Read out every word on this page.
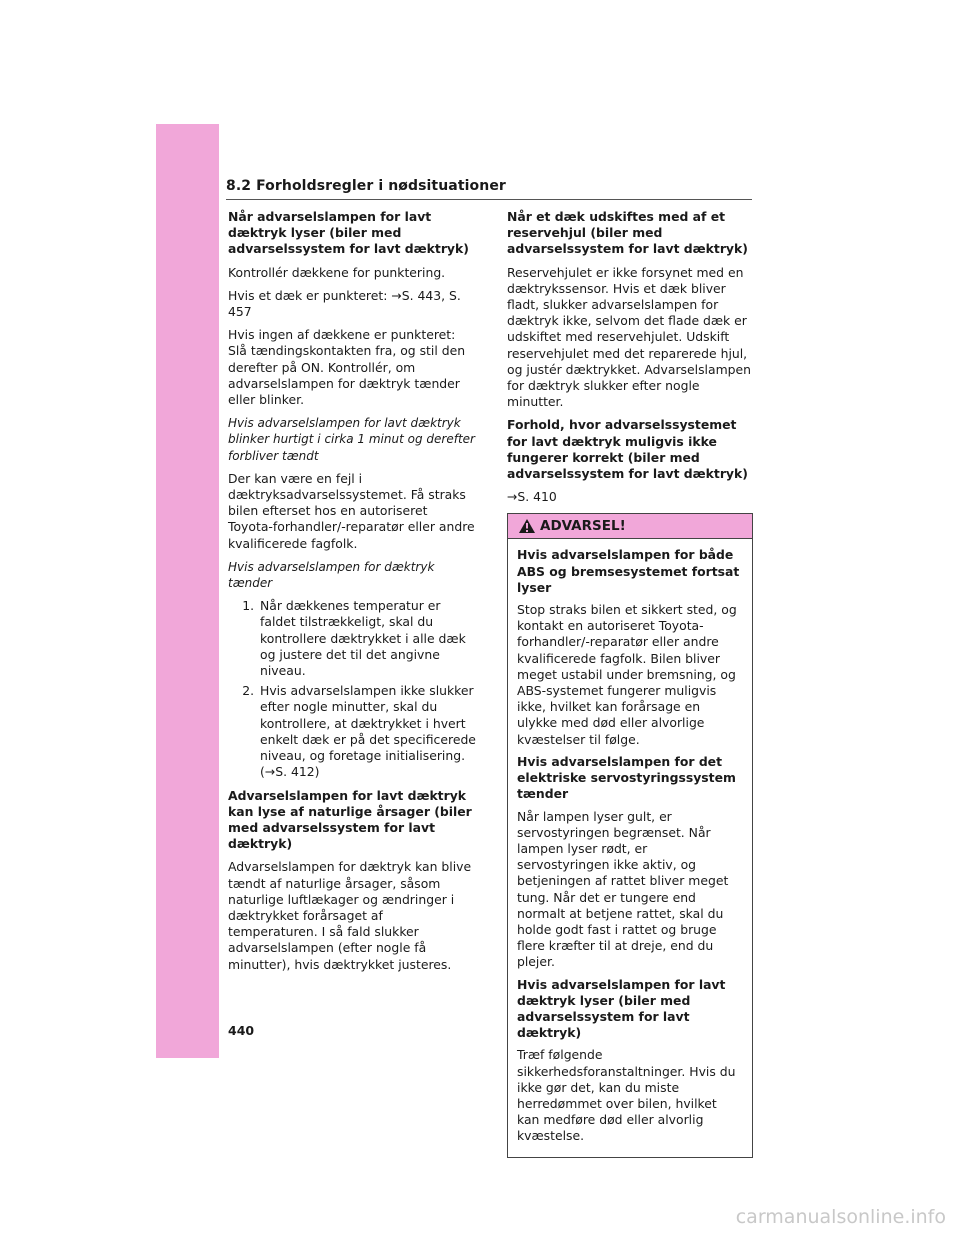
8.2 Forholdsregler i nødsituationer

Når advarselslampen for lavt dæktryk lyser (biler med advarselssystem for lavt dæktryk)

Kontrollér dækkene for punktering.

Hvis et dæk er punkteret: →S. 443, S. 457

Hvis ingen af dækkene er punkteret: Slå tændingskontakten fra, og stil den derefter på ON. Kontrollér, om advarselslampen for dæktryk tænder eller blinker.

Hvis advarselslampen for lavt dæktryk blinker hurtigt i cirka 1 minut og derefter forbliver tændt

Der kan være en fejl i dæktryksadvarselssystemet. Få straks bilen efterset hos en autoriseret Toyota-forhandler/-reparatør eller andre kvalificerede fagfolk.

Hvis advarselslampen for dæktryk tænder

1. Når dækkenes temperatur er faldet tilstrækkeligt, skal du kontrollere dæktrykket i alle dæk og justere det til det angivne niveau.
2. Hvis advarselslampen ikke slukker efter nogle minutter, skal du kontrollere, at dæktrykket i hvert enkelt dæk er på det specificerede niveau, og foretage initialisering. (→S. 412)

Advarselslampen for lavt dæktryk kan lyse af naturlige årsager (biler med advarselssystem for lavt dæktryk)

Advarselslampen for dæktryk kan blive tændt af naturlige årsager, såsom naturlige luftlækager og ændringer i dæktrykket forårsaget af temperaturen. I så fald slukker advarselslampen (efter nogle få minutter), hvis dæktrykket justeres.

Når et dæk udskiftes med af et reservehjul (biler med advarselssystem for lavt dæktryk)

Reservehjulet er ikke forsynet med en dæktrykssensor. Hvis et dæk bliver fladt, slukker advarselslampen for dæktryk ikke, selvom det flade dæk er udskiftet med reservehjulet. Udskift reservehjulet med det reparerede hjul, og justér dæktrykket. Advarselslampen for dæktryk slukker efter nogle minutter.

Forhold, hvor advarselssystemet for lavt dæktryk muligvis ikke fungerer korrekt (biler med advarselssystem for lavt dæktryk)

→S. 410

ADVARSEL!

Hvis advarselslampen for både ABS og bremsesystemet fortsat lyser

Stop straks bilen et sikkert sted, og kontakt en autoriseret Toyota-forhandler/-reparatør eller andre kvalificerede fagfolk. Bilen bliver meget ustabil under bremsning, og ABS-systemet fungerer muligvis ikke, hvilket kan forårsage en ulykke med død eller alvorlige kvæstelser til følge.

Hvis advarselslampen for det elektriske servostyringssystem tænder

Når lampen lyser gult, er servostyringen begrænset. Når lampen lyser rødt, er servostyringen ikke aktiv, og betjeningen af rattet bliver meget tung. Når det er tungere end normalt at betjene rattet, skal du holde godt fast i rattet og bruge flere kræfter til at dreje, end du plejer.

Hvis advarselslampen for lavt dæktryk lyser (biler med advarselssystem for lavt dæktryk)

Træf følgende sikkerhedsforanstaltninger. Hvis du ikke gør det, kan du miste herredømmet over bilen, hvilket kan medføre død eller alvorlig kvæstelse.

440
carmanualsonline.info
